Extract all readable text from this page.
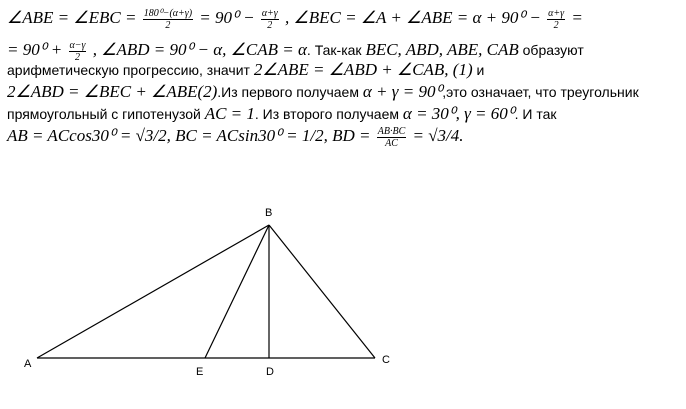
∠ABE = ∠EBC = $\frac{\text{180⁰−(α+γ)}}{2} = 90^0 - \frac{\alpha+\gamma}{2}$ , ∠BEC = ∠A + ∠ABE = $\alpha + 90^0 - \frac{\alpha+\gamma}{2}$ =
= $90^0 + \frac{\alpha-\gamma}{2}$ , ∠ABD = 90⁰ − α, ∠CAB = α. Так-как BEC, ABD, ABE, CAB образуют
арифметическую прогрессию, значит 2∠ABE = ∠ABD + ∠CAB, (1) и
2∠ABD = ∠BEC + ∠ABE(2).Из первого получаем α + γ = 90⁰,это означает, что треугольник
прямоугольный с гипотенузой AC = 1. Из второго получаем α = 30⁰, γ = 60⁰. И так
AB = ACcos30⁰ = √3/2, BC = ACsin30⁰ = 1/2, BD = $\frac{AB\cdot BC}{AC} = √3/4$.
A
B
C
D
E
